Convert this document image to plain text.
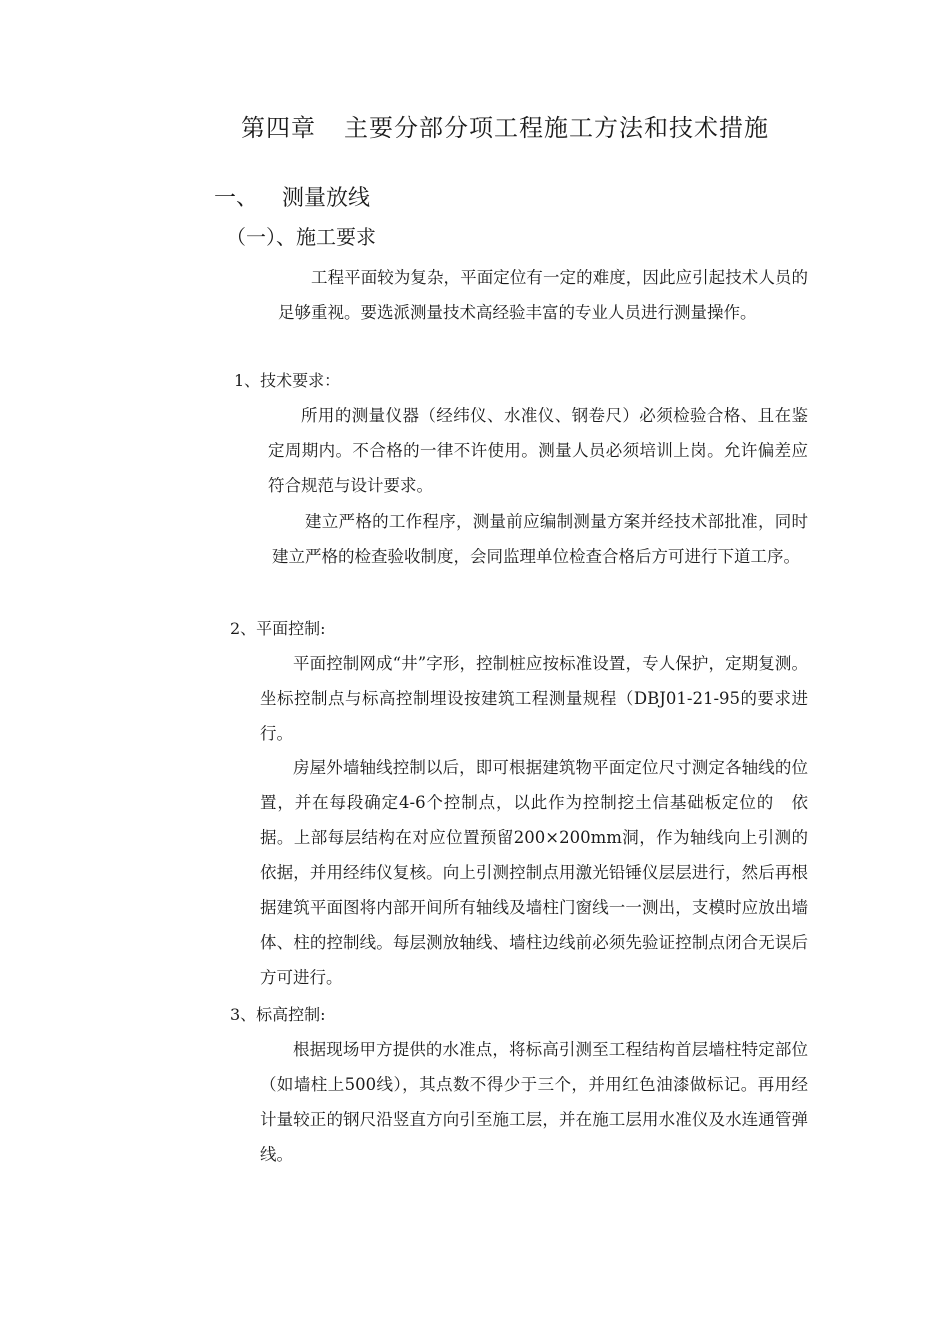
第四章 主要分部分项工程施工方法和技术措施
一、 测量放线
（一）、施工要求

工程平面较为复杂，平面定位有一定的难度，因此应引起技术人员的足够重视。要选派测量技术高经验丰富的专业人员进行测量操作。

1、技术要求：

所用的测量仪器（经纬仪、水准仪、钢卷尺）必须检验合格、且在鉴定周期内。不合格的一律不许使用。测量人员必须培训上岗。允许偏差应符合规范与设计要求。

建立严格的工作程序，测量前应编制测量方案并经技术部批准，同时建立严格的检查验收制度，会同监理单位检查合格后方可进行下道工序。

2、平面控制:

平面控制网成“井”字形，控制桩应按标准设置，专人保护，定期复测。坐标控制点与标高控制埋设按建筑工程测量规程（DBJ01-21-95的要求进行。

房屋外墙轴线控制以后，即可根据建筑物平面定位尺寸测定各轴线的位置，并在每段确定4-6个控制点，以此作为控制挖土信基础板定位的　依据。上部每层结构在对应位置预留200×200mm洞，作为轴线向上引测的依据，并用经纬仪复核。向上引测控制点用激光铅锤仪层层进行，然后再根据建筑平面图将内部开间所有轴线及墙柱门窗线一一测出，支模时应放出墙体、柱的控制线。每层测放轴线、墙柱边线前必须先验证控制点闭合无误后方可进行。

3、标高控制:

根据现场甲方提供的水准点，将标高引测至工程结构首层墙柱特定部位（如墙柱上500线），其点数不得少于三个，并用红色油漆做标记。再用经计量较正的钢尺沿竖直方向引至施工层，并在施工层用水准仪及水连通管弹线。
